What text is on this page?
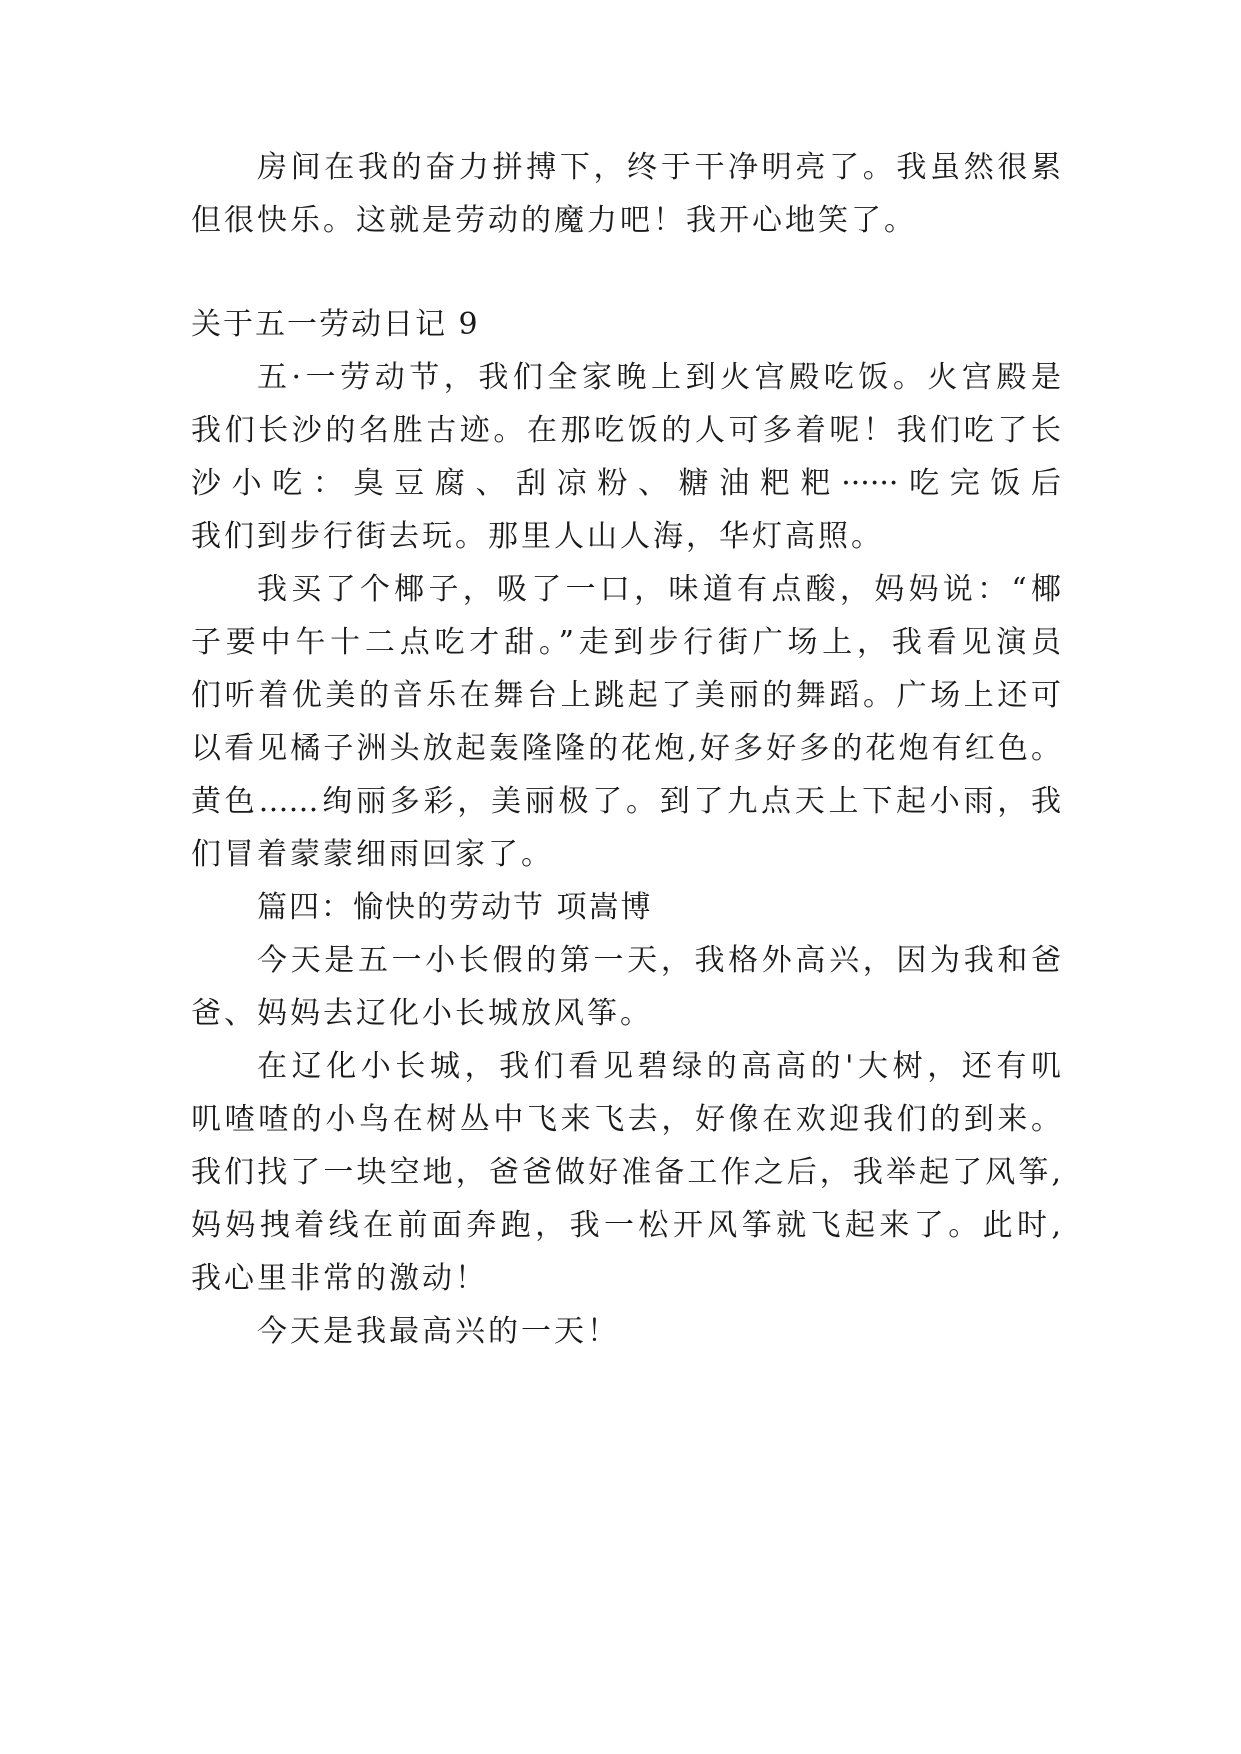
房间在我的奋力拼搏下，终于干净明亮了。我虽然很累
但很快乐。这就是劳动的魔力吧！我开心地笑了。
关于五一劳动日记 9
五·一劳动节，我们全家晚上到火宫殿吃饭。火宫殿是
我们长沙的名胜古迹。在那吃饭的人可多着呢！我们吃了长
沙小吃：臭豆腐、刮凉粉、糖油粑粑······吃完饭后
我们到步行街去玩。那里人山人海，华灯高照。
我买了个椰子，吸了一口，味道有点酸，妈妈说：“椰
子要中午十二点吃才甜。”走到步行街广场上，我看见演员
们听着优美的音乐在舞台上跳起了美丽的舞蹈。广场上还可
以看见橘子洲头放起轰隆隆的花炮,好多好多的花炮有红色。
黄色……绚丽多彩，美丽极了。到了九点天上下起小雨，我
们冒着蒙蒙细雨回家了。
篇四：愉快的劳动节 项嵩博
今天是五一小长假的第一天，我格外高兴，因为我和爸
爸、妈妈去辽化小长城放风筝。
在辽化小长城，我们看见碧绿的高高的'大树，还有叽
叽喳喳的小鸟在树丛中飞来飞去，好像在欢迎我们的到来。
我们找了一块空地，爸爸做好准备工作之后，我举起了风筝,
妈妈拽着线在前面奔跑，我一松开风筝就飞起来了。此时,
我心里非常的激动！
今天是我最高兴的一天！
